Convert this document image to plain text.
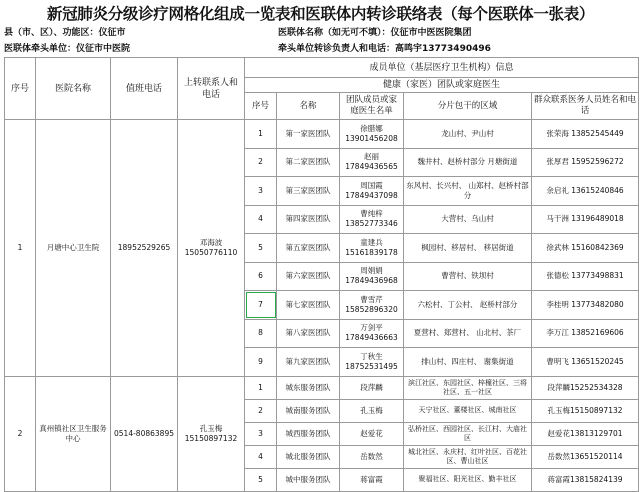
新冠肺炎分级诊疗网格化组成一览表和医联体内转诊联络表（每个医联体一张表）
县（市、区）、功能区：仪征市	医联体名称（如无可不填）：仪征市中医医院集团
医联体牵头单位：仪征市中医院	牵头单位转诊负责人和电话：高鸣宇13773490496
序号	医院名称	值班电话	上转联系人和电话	成员单位（基层医疗卫生机构）信息				
				健康（家医）团队或家庭医生				
				序号	名称	团队成员或家庭医生名单	分片包干的区域	群众联系医务人员姓名和电话
1	月塘中心卫生院	18952529265	邓海波 15050776110	1	第一家医团队	徐腊娜 13901456208	龙山村、尹山村	张荣海 13852545449
				2	第二家医团队	赵丽17849436565	魏井村、赵桥村部分 月塘街道	张厚君 15952596272
				3	第三家医团队	周国霞 17849437098	东风村、长兴村、 山郑村、赵桥村部分	余启礼 13615240846
				4	第四家医团队	曹纯梓 13852773346	大营村、乌山村	马干洲 13196489018
				5	第五家医团队	童建兵 15161839178	枫园村、移居村、 移居街道	徐武林 15160842369
				6	第六家医团队	周娟娟 17849436968	曹营村、铁坝村	张德松 13773498831
				7	第七家医团队	曹雪芹 15852896320	六松村、丁公村、 赵桥村部分	李桂明 13773482080
				8	第八家医团队	万剑平 17849436663	夏营村、郑营村、 山北村、茶厂	李万江 13852169606
				9	第九家医团队	丁秋生 18752531495	排山村、四庄村、 谢集街道	曹明飞 13651520245
2	真州镇社区卫生服务中心	0514-80863895	孔玉梅 15150897132	1	城东服务团队	段萍麟	滨江社区、东园社区、梓橦社区、三将社区、五一社区	段萍麟15252534328
				2	城南服务团队	孔玉梅	天宁社区、董楼社区、城南社区	孔玉梅15150897132
				3	城西服务团队	赵爱花	弘桥社区、西园社区、长江村、大庙社区	赵爱花13813129701
				4	城北服务团队	岳数然	城北社区、永庆村、红叶社区、百花社区、曹山社区	岳数然13651520114
				5	城中服务团队	蒋富霞	聚福社区、阳光社区、勤丰社区	蒋富霞13815824139
